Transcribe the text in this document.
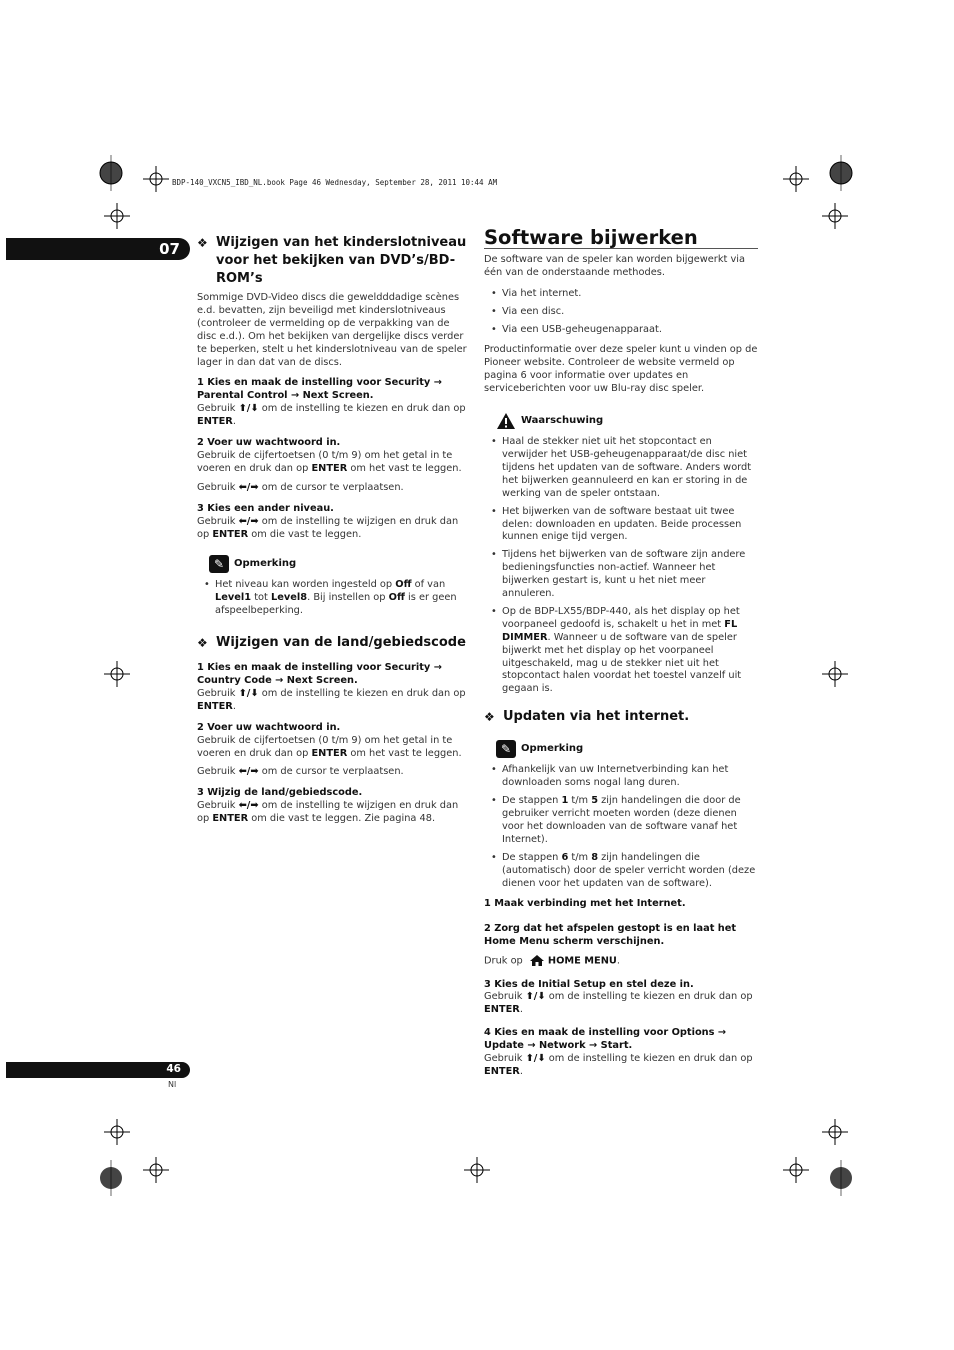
BDP-140_VXCN5_IBD_NL.book Page 46 Wednesday, September 28, 2011 10:44 AM
07
46
Nl
❖ Wijzigen van het kinderslotniveau voor het bekijken van DVD’s/BD-ROM’s

Sommige DVD-Video discs die geweldddadige scènes e.d. bevatten, zijn beveiligd met kinderslotniveaus (controleer de vermelding op de verpakking van de disc e.d.). Om het bekijken van dergelijke discs verder te beperken, stelt u het kinderslotniveau van de speler lager in dan dat van de discs.

1 Kies en maak de instelling voor Security → Parental Control → Next Screen.
Gebruik ⬆/⬇ om de instelling te kiezen en druk dan op ENTER.
2 Voer uw wachtwoord in.
Gebruik de cijfertoetsen (0 t/m 9) om het getal in te voeren en druk dan op ENTER om het vast te leggen.
Gebruik ⬅/➡ om de cursor te verplaatsen.
3 Kies een ander niveau.
Gebruik ⬅/➡ om de instelling te wijzigen en druk dan op ENTER om die vast te leggen.
✎ Opmerking
• Het niveau kan worden ingesteld op Off of van Level1 tot Level8. Bij instellen op Off is er geen afspeelbeperking.
❖ Wijzigen van de land/gebiedscode
1 Kies en maak de instelling voor Security → Country Code → Next Screen.
Gebruik ⬆/⬇ om de instelling te kiezen en druk dan op ENTER.
2 Voer uw wachtwoord in.
Gebruik de cijfertoetsen (0 t/m 9) om het getal in te voeren en druk dan op ENTER om het vast te leggen.
Gebruik ⬅/➡ om de cursor te verplaatsen.
3 Wijzig de land/gebiedscode.
Gebruik ⬅/➡ om de instelling te wijzigen en druk dan op ENTER om die vast te leggen. Zie pagina 48.
Software bijwerken

De software van de speler kan worden bijgewerkt via één van de onderstaande methodes.

• Via het internet.
• Via een disc.
• Via een USB-geheugenapparaat.

Productinformatie over deze speler kunt u vinden op de Pioneer website. Controleer de website vermeld op pagina 6 voor informatie over updates en serviceberichten voor uw Blu-ray disc speler.

Waarschuwing
• Haal de stekker niet uit het stopcontact en verwijder het USB-geheugenapparaat/de disc niet tijdens het updaten van de software. Anders wordt het bijwerken geannuleerd en kan er storing in de werking van de speler ontstaan.
• Het bijwerken van de software bestaat uit twee delen: downloaden en updaten. Beide processen kunnen enige tijd vergen.
• Tijdens het bijwerken van de software zijn andere bedieningsfuncties non-actief. Wanneer het bijwerken gestart is, kunt u het niet meer annuleren.
• Op de BDP-LX55/BDP-440, als het display op het voorpaneel gedoofd is, schakelt u het in met FL DIMMER. Wanneer u de software van de speler bijwerkt met het display op het voorpaneel uitgeschakeld, mag u de stekker niet uit het stopcontact halen voordat het toestel vanzelf uit gegaan is.
❖ Updaten via het internet.
✎ Opmerking
• Afhankelijk van uw Internetverbinding kan het downloaden soms nogal lang duren.
• De stappen 1 t/m 5 zijn handelingen die door de gebruiker verricht moeten worden (deze dienen voor het downloaden van de software vanaf het Internet).
• De stappen 6 t/m 8 zijn handelingen die (automatisch) door de speler verricht worden (deze dienen voor het updaten van de software).
1 Maak verbinding met het Internet.
2 Zorg dat het afspelen gestopt is en laat het Home Menu scherm verschijnen.
Druk op HOME MENU.
3 Kies de Initial Setup en stel deze in.
Gebruik ⬆/⬇ om de instelling te kiezen en druk dan op ENTER.
4 Kies en maak de instelling voor Options → Update → Network → Start.
Gebruik ⬆/⬇ om de instelling te kiezen en druk dan op ENTER.
